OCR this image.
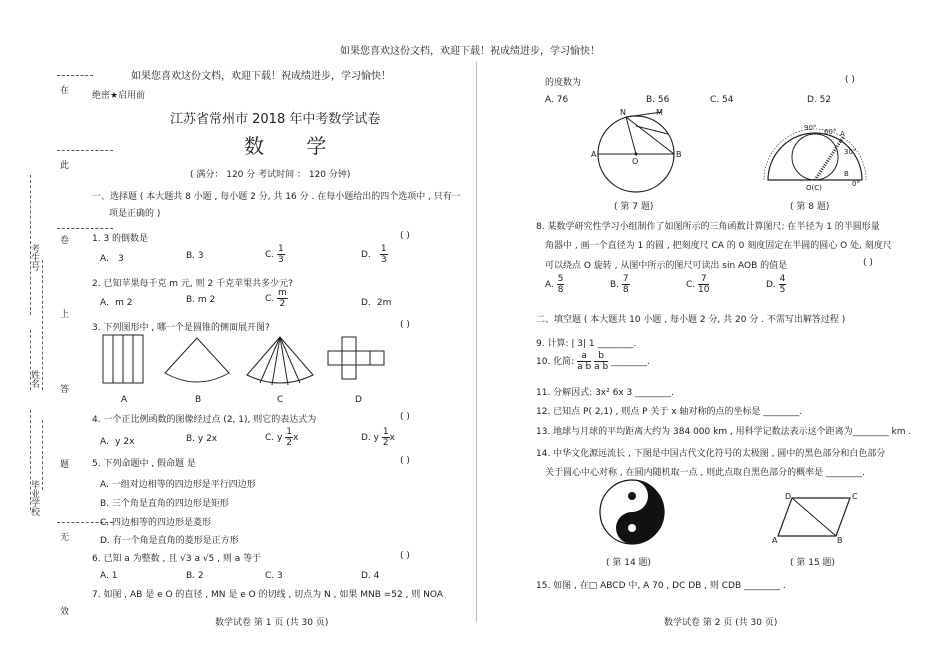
如果您喜欢这份文档，欢迎下载！祝成绩进步，学习愉快！
如果您喜欢这份文档，欢迎下载！祝成绩进步，学习愉快！
在
此
卷
上
答
题
无
效
考生号
姓名
毕业学校
绝密★启用前
江苏省常州市 2018 年中考数学试卷
数 学
( 满分： 120 分 考试时间 ： 120 分钟)
一、选择题 ( 本大题共 8 小题 , 每小题 2 分, 共 16 分 . 在每小题给出的四个选项中 , 只有一
项是正确的 )
1. 3 的倒数是	( )
A． 3	B. 3	C. $\frac{1}{3}$	D． $\frac{1}{3}$
2. 已知苹果每千克 m 元, 则 2 千克苹果共多少元?
A．m 2	B. m 2	C. $\frac{m}{2}$	D．2m
3. 下列图形中 , 哪一个是圆锥的侧面展开图?	( )
A	B	C	D
4. 一个正比例函数的图像经过点 (2, 1), 则它的表达式为	( )
A．y 2x	B. y 2x	C. y $\frac{1}{2}$ x	D. y $\frac{1}{2}$ x
5. 下列命题中 , 假命题 是	( )
A. 一组对边相等的四边形是平行四边形
B. 三个角是直角的四边形是矩形
C. 四边相等的四边形是菱形
D. 有一个角是直角的菱形是正方形
6. 已知 a 为整数 , 且 √3 a √5 , 则 a 等于	( )
A. 1	B. 2	C. 3	D. 4
7. 如图 , AB 是 e O 的直径 , MN 是 e O 的切线 , 切点为 N , 如果 MNB =52 , 则 NOA
数学试卷 第 1 页 (共 30 页)
的度数为	( )
A. 76	B. 56	C. 54	D. 52
N	M
A
O
B
( 第 7 题)
90° 60° A
30°
O(C)
B
0°
( 第 8 题)
8. 某数学研究性学习小组制作了如图所示的三角函数计算图尺: 在半径为 1 的半圆形量
角器中 , 画一个直径为 1 的圆 , 把刻度尺 CA 的 0 刻度固定在半圆的圆心 O 处, 刻度尺
可以绕点 O 旋转 , 从图中所示的图尺可读出 sin AOB 的值是	( )
A. $\frac{5}{8}$	B. $\frac{7}{8}$	C. $\frac{7}{10}$	D. $\frac{4}{5}$
二、填空题 ( 本大题共 10 小题 , 每小题 2 分, 共 20 分 . 不需写出解答过程 )
9. 计算: | 3| 1 ________.
10. 化简: $\frac{a}{\text{a b}}$
$\frac{b}{\text{a b}}$ ________.
11. 分解因式: 3x² 6x 3 ________.
12. 已知点 P( 2,1) , 则点 P 关于 x 轴对称的点的坐标是 ________.
13. 地球与月球的平均距离大约为 384 000 km , 用科学记数法表示这个距离为________ km .
14. 中华文化源远流长 , 下图是中国古代文化符号的太极图 , 圆中的黑色部分和白色部分
关于圆心中心对称 , 在圆内随机取一点 , 则此点取自黑色部分的概率是 ________.
( 第 14 题)
D	C
A	B
( 第 15 题)
15. 如图 , 在□ ABCD 中, A 70 , DC DB , 则 CDB ________ .
数学试卷 第 2 页 (共 30 页)
